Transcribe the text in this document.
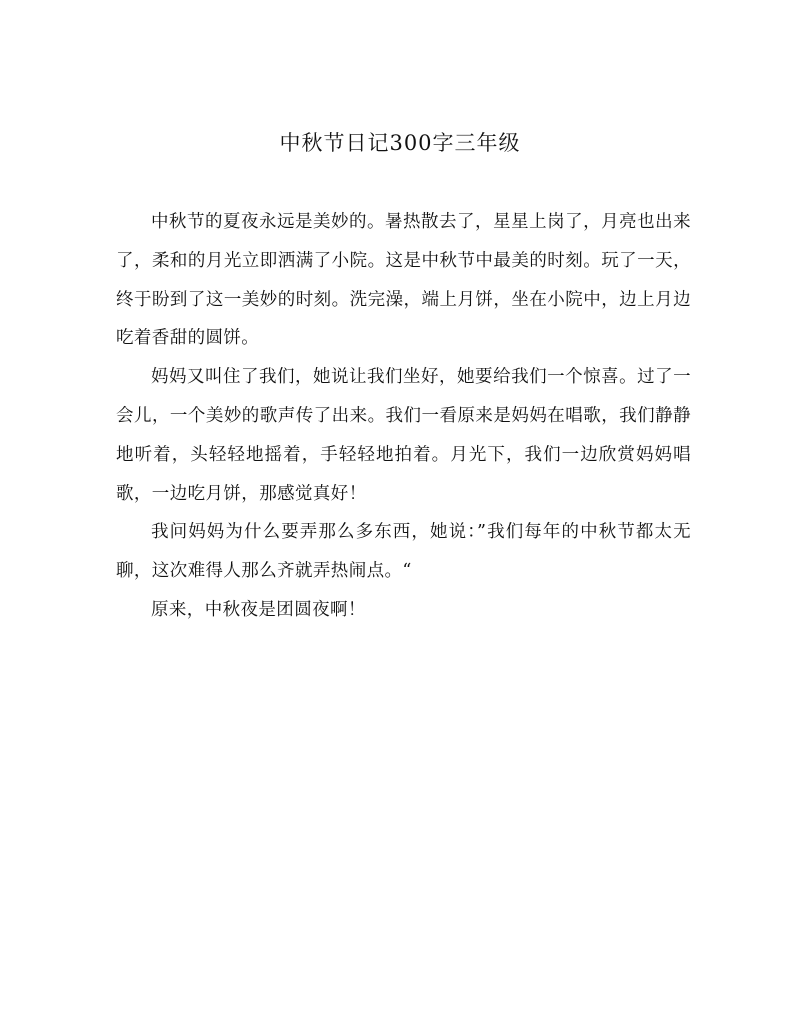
中秋节日记300字三年级

中秋节的夏夜永远是美妙的。暑热散去了，星星上岗了，月亮也出来了，柔和的月光立即洒满了小院。这是中秋节中最美的时刻。玩了一天，终于盼到了这一美妙的时刻。洗完澡，端上月饼，坐在小院中，边上月边吃着香甜的圆饼。

妈妈又叫住了我们，她说让我们坐好，她要给我们一个惊喜。过了一会儿，一个美妙的歌声传了出来。我们一看原来是妈妈在唱歌，我们静静地听着，头轻轻地摇着，手轻轻地拍着。月光下，我们一边欣赏妈妈唱歌，一边吃月饼，那感觉真好！

我问妈妈为什么要弄那么多东西，她说：”我们每年的中秋节都太无聊，这次难得人那么齐就弄热闹点。“

原来，中秋夜是团圆夜啊！
